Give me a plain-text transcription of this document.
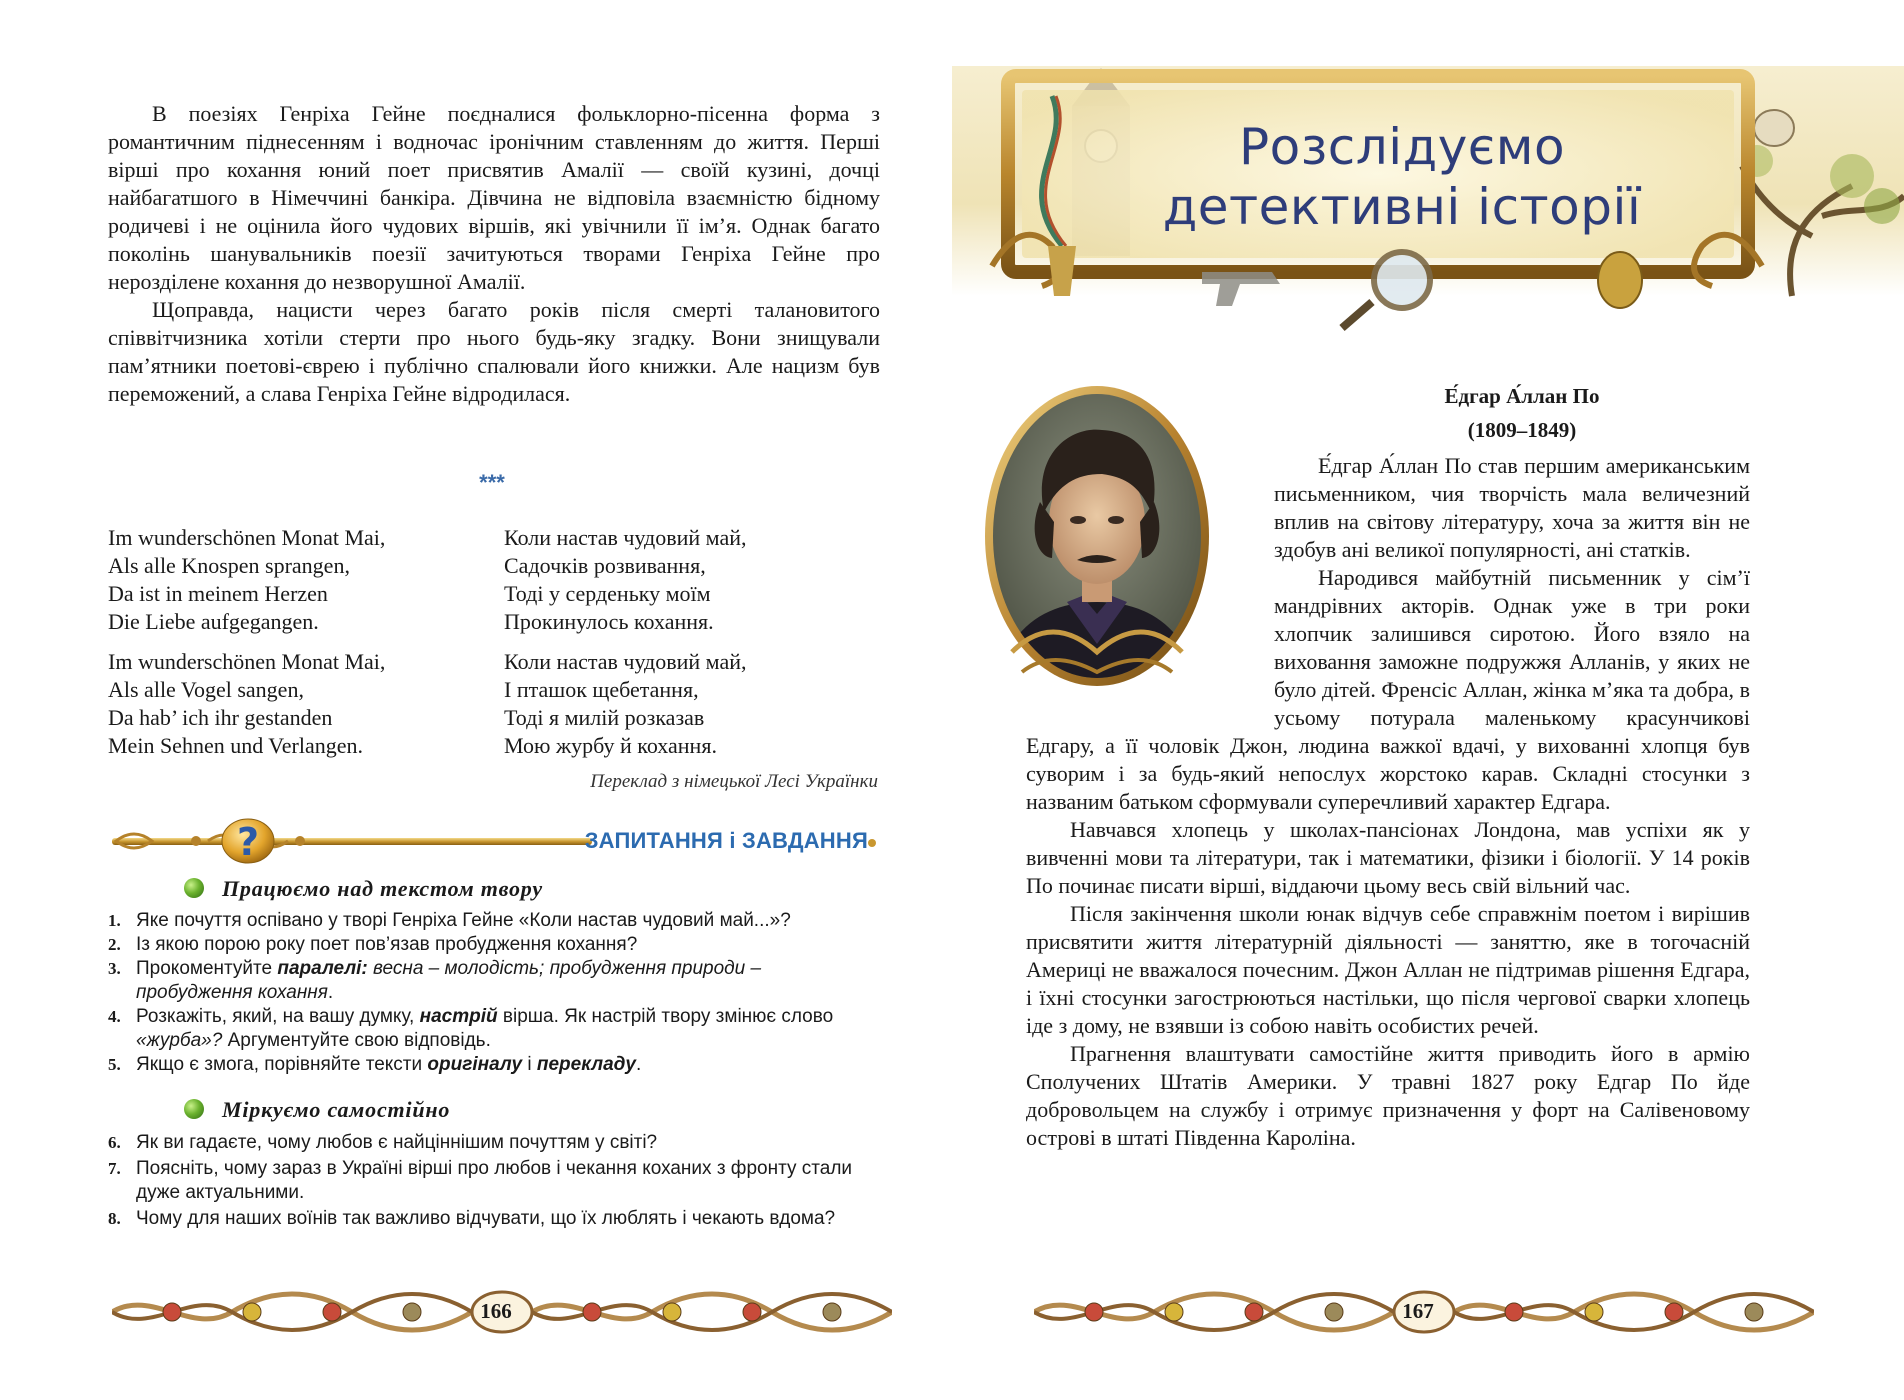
В поезіях Генріха Гейне поєдналися фольклорно-пісенна форма з романтичним піднесенням і водночас іронічним ставленням до життя. Перші вірші про кохання юний поет присвятив Амалії — своїй кузині, дочці найбагатшого в Німеччині банкіра. Дівчина не відповіла взаємністю бідному родичеві і не оцінила його чудових віршів, які увічнили її ім’я. Однак багато поколінь шанувальників поезії зачитуються творами Генріха Гейне про нерозділене кохання до незворушної Амалії.

Щоправда, нацисти через багато років після смерті талановитого співвітчизника хотіли стерти про нього будь-яку згадку. Вони знищували пам’ятники поетові-єврею і публічно спалювали його книжки. Але нацизм був переможений, а слава Генріха Гейне відродилася.

***
Im wunderschönen Monat Mai,
Als alle Knospen sprangen,
Da ist in meinem Herzen
Die Liebe aufgegangen.
Коли настав чудовий май,
Садочків розвивання,
Тоді у серденьку моїм
Прокинулось кохання.
Im wunderschönen Monat Mai,
Als alle Vogel sangen,
Da hab’ ich ihr gestanden
Mein Sehnen und Verlangen.
Коли настав чудовий май,
І пташок щебетання,
Тоді я милій розказав
Мою журбу й кохання.
Переклад з німецької Лесі Українки
?	ЗАПИТАННЯ і ЗАВДАННЯ
Працюємо над текстом твору
1. Яке почуття оспівано у творі Генріха Гейне «Коли настав чудовий май...»?
2. Із якою порою року поет пов’язав пробудження кохання?
3. Прокоментуйте паралелі: весна – молодість; пробудження природи – пробудження кохання.
4. Розкажіть, який, на вашу думку, настрій вірша. Як настрій твору змінює слово «журба»? Аргументуйте свою відповідь.
5. Якщо є змога, порівняйте тексти оригіналу і перекладу.
Міркуємо самостійно
6. Як ви гадаєте, чому любов є найціннішим почуттям у світі?
7. Поясніть, чому зараз в Україні вірші про любов і чекання коханих з фронту стали дуже актуальними.
8. Чому для наших воїнів так важливо відчувати, що їх люблять і чекають вдома?
166
Розслідуємо
детективні історії
Е́дгар А́ллан По
(1809–1849)

Е́дгар А́ллан По став першим американським письменником, чия творчість мала величезний вплив на світову літературу, хоча за життя він не здобув ані великої популярності, ані статків.

Народився майбутній письменник у сім’ї мандрівних акторів. Однак уже в три роки хлопчик залишився сиротою. Його взяло на виховання заможне подружжя Алланів, у яких не було дітей. Френсіс Аллан, жінка м’яка та добра, в усьому потурала маленькому красунчикові Едгару, а її чоловік Джон, людина важкої вдачі, у вихованні хлопця був суворим і за будь-який непослух жорстоко карав. Складні стосунки з названим батьком сформували суперечливий характер Едгара.

Навчався хлопець у школах-пансіонах Лондона, мав успіхи як у вивченні мови та літератури, так і математики, фізики і біології. У 14 років По починає писати вірші, віддаючи цьому весь свій вільний час.

Після закінчення школи юнак відчув себе справжнім поетом і вирішив присвятити життя літературній діяльності — заняттю, яке в тогочасній Америці не вважалося почесним. Джон Аллан не підтримав рішення Едгара, і їхні стосунки загострюються настільки, що після чергової сварки хлопець іде з дому, не взявши із собою навіть особистих речей.

Прагнення влаштувати самостійне життя приводить його в армію Сполучених Штатів Америки. У травні 1827 року Едгар По йде добровольцем на службу і отримує призначення у форт на Салівеновому острові в штаті Південна Кароліна.

167
